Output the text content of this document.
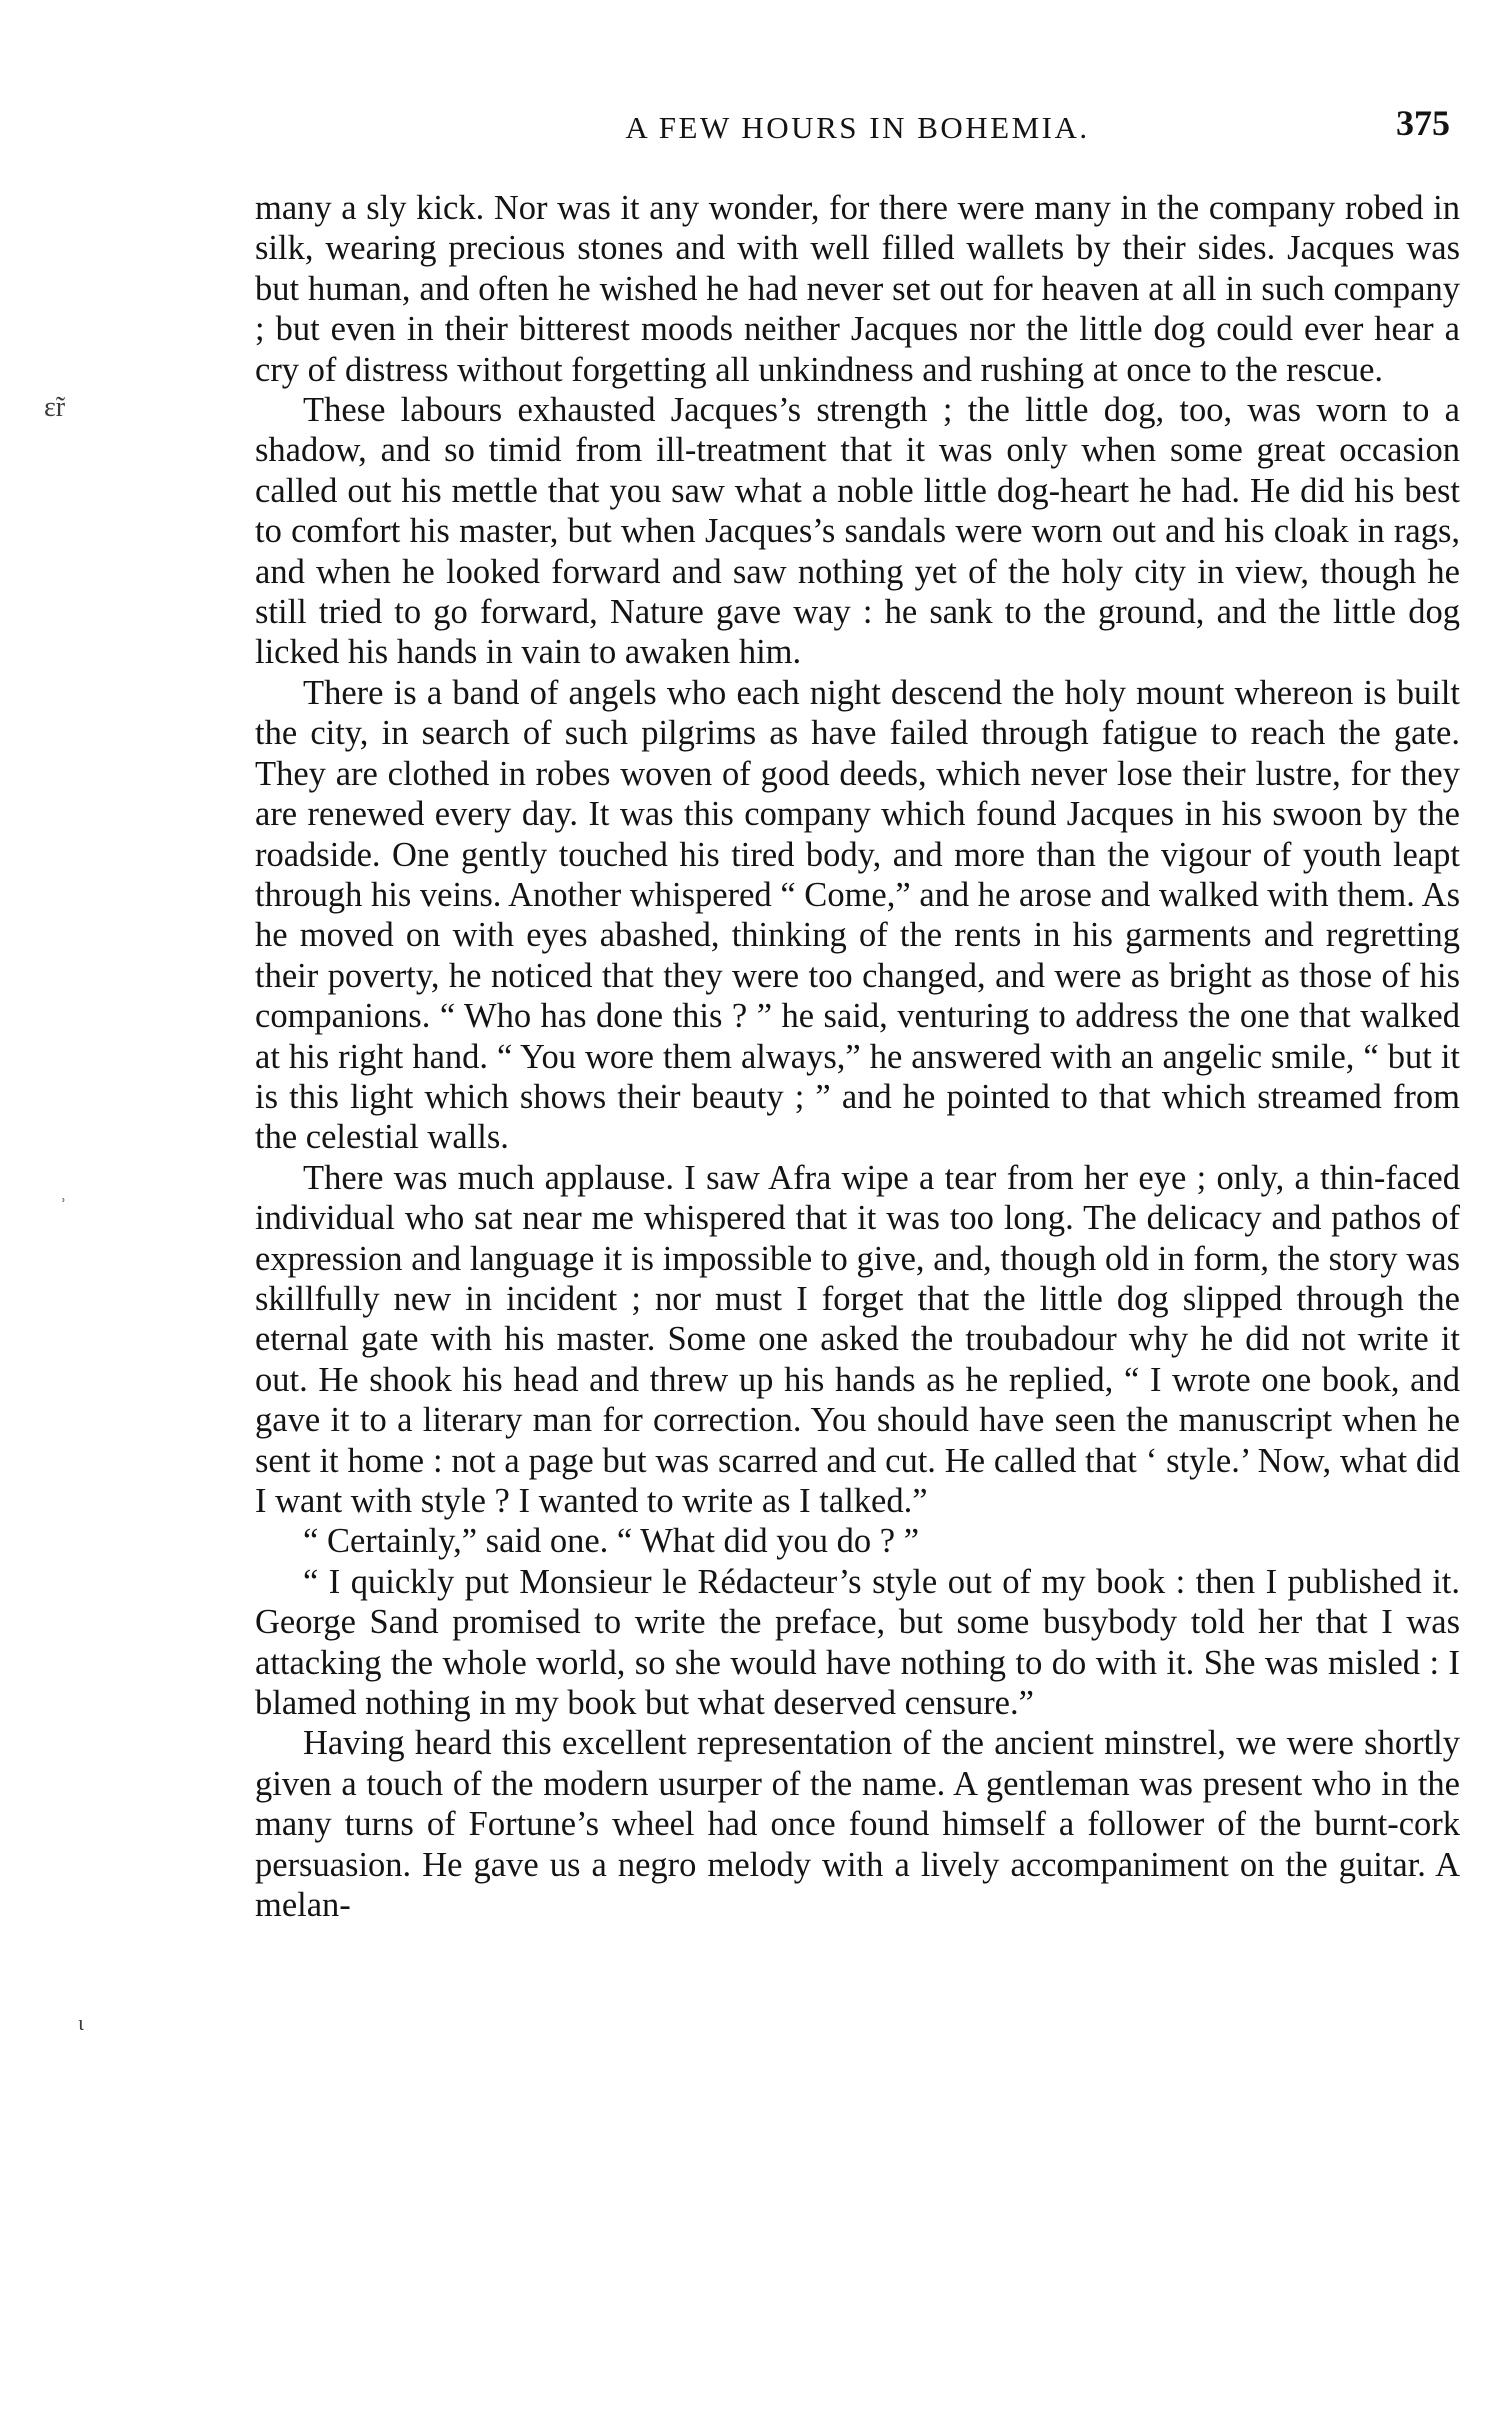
A FEW HOURS IN BOHEMIA.	375
ɛ̃r
˒
ɩ

many a sly kick. Nor was it any wonder, for there were many in the company robed in silk, wearing precious stones and with well filled wallets by their sides. Jacques was but human, and often he wished he had never set out for heaven at all in such company ; but even in their bitterest moods neither Jacques nor the little dog could ever hear a cry of distress without forgetting all unkindness and rushing at once to the rescue.

These labours exhausted Jacques’s strength ; the little dog, too, was worn to a shadow, and so timid from ill-treatment that it was only when some great occasion called out his mettle that you saw what a noble little dog-heart he had. He did his best to comfort his master, but when Jacques’s sandals were worn out and his cloak in rags, and when he looked forward and saw nothing yet of the holy city in view, though he still tried to go forward, Nature gave way : he sank to the ground, and the little dog licked his hands in vain to awaken him.

There is a band of angels who each night descend the holy mount whereon is built the city, in search of such pilgrims as have failed through fatigue to reach the gate. They are clothed in robes woven of good deeds, which never lose their lustre, for they are renewed every day. It was this company which found Jacques in his swoon by the roadside. One gently touched his tired body, and more than the vigour of youth leapt through his veins. Another whispered “ Come,” and he arose and walked with them. As he moved on with eyes abashed, thinking of the rents in his garments and regretting their poverty, he noticed that they were too changed, and were as bright as those of his companions. “ Who has done this ? ” he said, venturing to address the one that walked at his right hand. “ You wore them always,” he answered with an angelic smile, “ but it is this light which shows their beauty ; ” and he pointed to that which streamed from the celestial walls.

There was much applause. I saw Afra wipe a tear from her eye ; only, a thin-faced individual who sat near me whispered that it was too long. The delicacy and pathos of expression and language it is impossible to give, and, though old in form, the story was skillfully new in incident ; nor must I forget that the little dog slipped through the eternal gate with his master. Some one asked the troubadour why he did not write it out. He shook his head and threw up his hands as he replied, “ I wrote one book, and gave it to a literary man for correction. You should have seen the manuscript when he sent it home : not a page but was scarred and cut. He called that ‘ style.’ Now, what did I want with style ? I wanted to write as I talked.”

“ Certainly,” said one. “ What did you do ? ”

“ I quickly put Monsieur le Rédacteur’s style out of my book : then I published it. George Sand promised to write the preface, but some busybody told her that I was attacking the whole world, so she would have nothing to do with it. She was misled : I blamed nothing in my book but what deserved censure.”

Having heard this excellent representation of the ancient minstrel, we were shortly given a touch of the modern usurper of the name. A gentleman was present who in the many turns of Fortune’s wheel had once found himself a follower of the burnt-cork persuasion. He gave us a negro melody with a lively accompaniment on the guitar. A melan-
